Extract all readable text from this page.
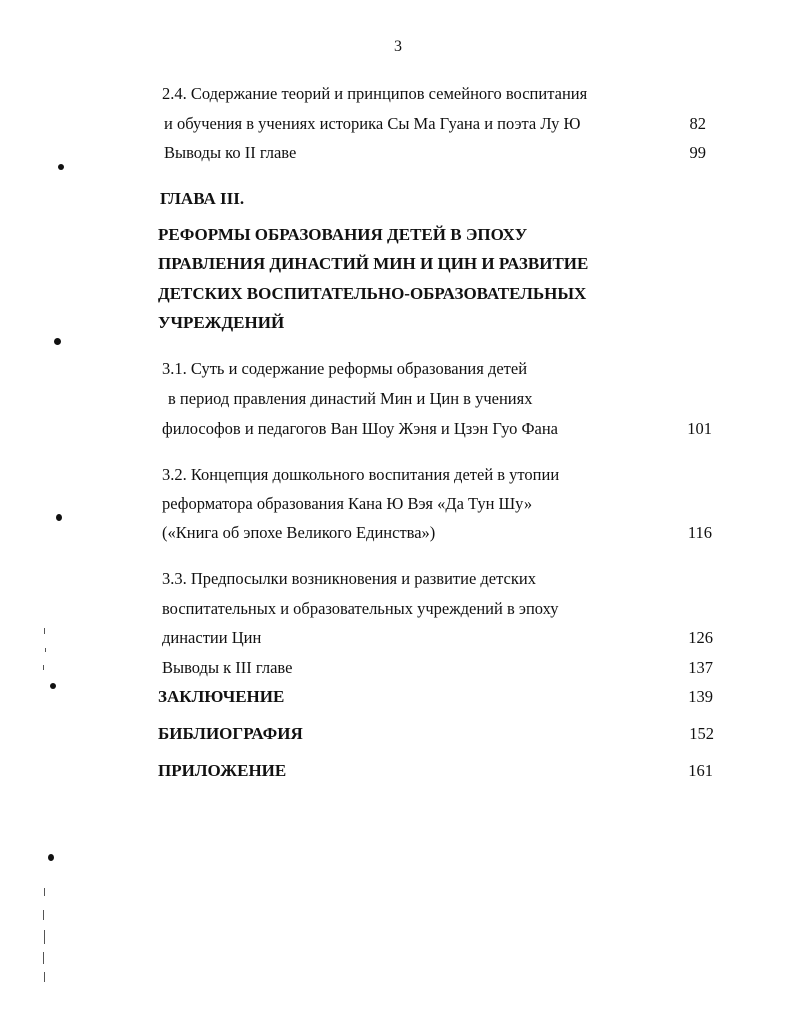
3
2.4. Содержание теорий и принципов семейного воспитания
и обучения в учениях историка Сы Ма Гуана и поэта Лу Ю	82
Выводы ко II главе	99
ГЛАВА III.
РЕФОРМЫ ОБРАЗОВАНИЯ ДЕТЕЙ В ЭПОХУ
ПРАВЛЕНИЯ ДИНАСТИЙ МИН И ЦИН И РАЗВИТИЕ
ДЕТСКИХ ВОСПИТАТЕЛЬНО-ОБРАЗОВАТЕЛЬНЫХ
УЧРЕЖДЕНИЙ
3.1. Суть и содержание реформы образования детей
в период правления династий Мин и Цин в учениях
философов и педагогов Ван Шоу Жэня и Цзэн Гуо Фана	101
3.2. Концепция дошкольного воспитания детей в утопии
реформатора образования Кана Ю Вэя «Да Тун Шу»
(«Книга об эпохе Великого Единства»)	116
3.3. Предпосылки возникновения и развитие детских
воспитательных и образовательных учреждений в эпоху
династии Цин	126
Выводы к III главе	137
ЗАКЛЮЧЕНИЕ	139
БИБЛИОГРАФИЯ	152
ПРИЛОЖЕНИЕ	161
